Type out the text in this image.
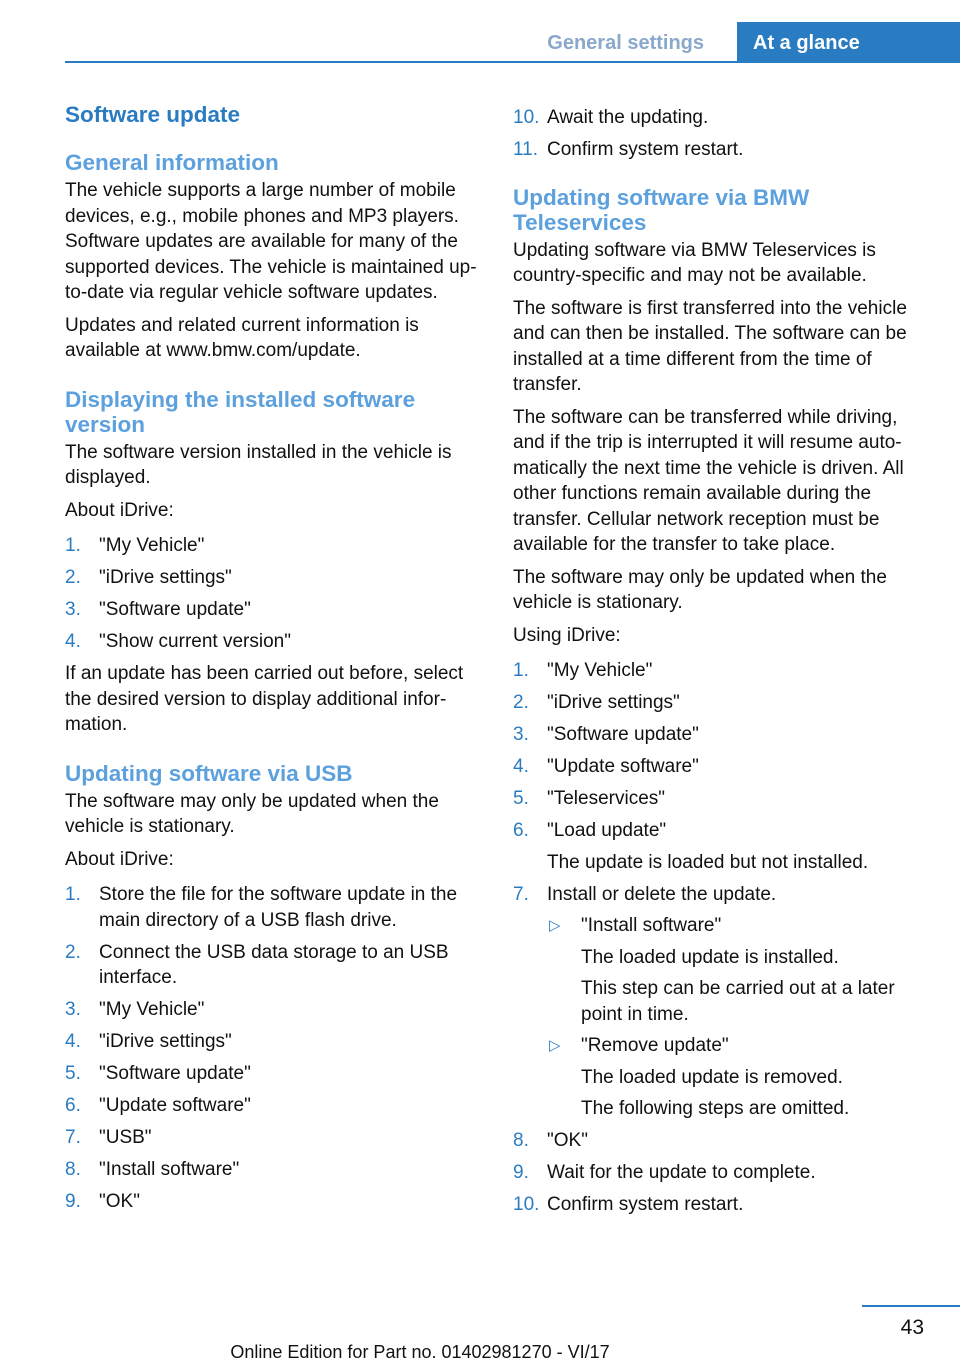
General settings	At a glance
Software update
General information

The vehicle supports a large number of mobile devices, e.g., mobile phones and MP3 players. Software updates are available for many of the supported devices. The vehicle is maintained up-to-date via regular vehicle software updates.

Updates and related current information is available at www.bmw.com/update.

Displaying the installed software version

The software version installed in the vehicle is displayed.

About iDrive:

1. "My Vehicle"
2. "iDrive settings"
3. "Software update"
4. "Show current version"

If an update has been carried out before, select the desired version to display additional information.

Updating software via USB

The software may only be updated when the vehicle is stationary.

About iDrive:

1. Store the file for the software update in the main directory of a USB flash drive.
2. Connect the USB data storage to an USB interface.
3. "My Vehicle"
4. "iDrive settings"
5. "Software update"
6. "Update software"
7. "USB"
8. "Install software"
9. "OK"
10. Await the updating.
11. Confirm system restart.
Updating software via BMW Teleservices

Updating software via BMW Teleservices is country-specific and may not be available.

The software is first transferred into the vehicle and can then be installed. The software can be installed at a time different from the time of transfer.

The software can be transferred while driving, and if the trip is interrupted it will resume automatically the next time the vehicle is driven. All other functions remain available during the transfer. Cellular network reception must be available for the transfer to take place.

The software may only be updated when the vehicle is stationary.

Using iDrive:

1. "My Vehicle"
2. "iDrive settings"
3. "Software update"
4. "Update software"
5. "Teleservices"
6. "Load update"
The update is loaded but not installed.
7. Install or delete the update.
▷ "Install software"
The loaded update is installed.
This step can be carried out at a later point in time.
▷ "Remove update"
The loaded update is removed.
The following steps are omitted.
8. "OK"
9. Wait for the update to complete.
10. Confirm system restart.
43
Online Edition for Part no. 01402981270 - VI/17
